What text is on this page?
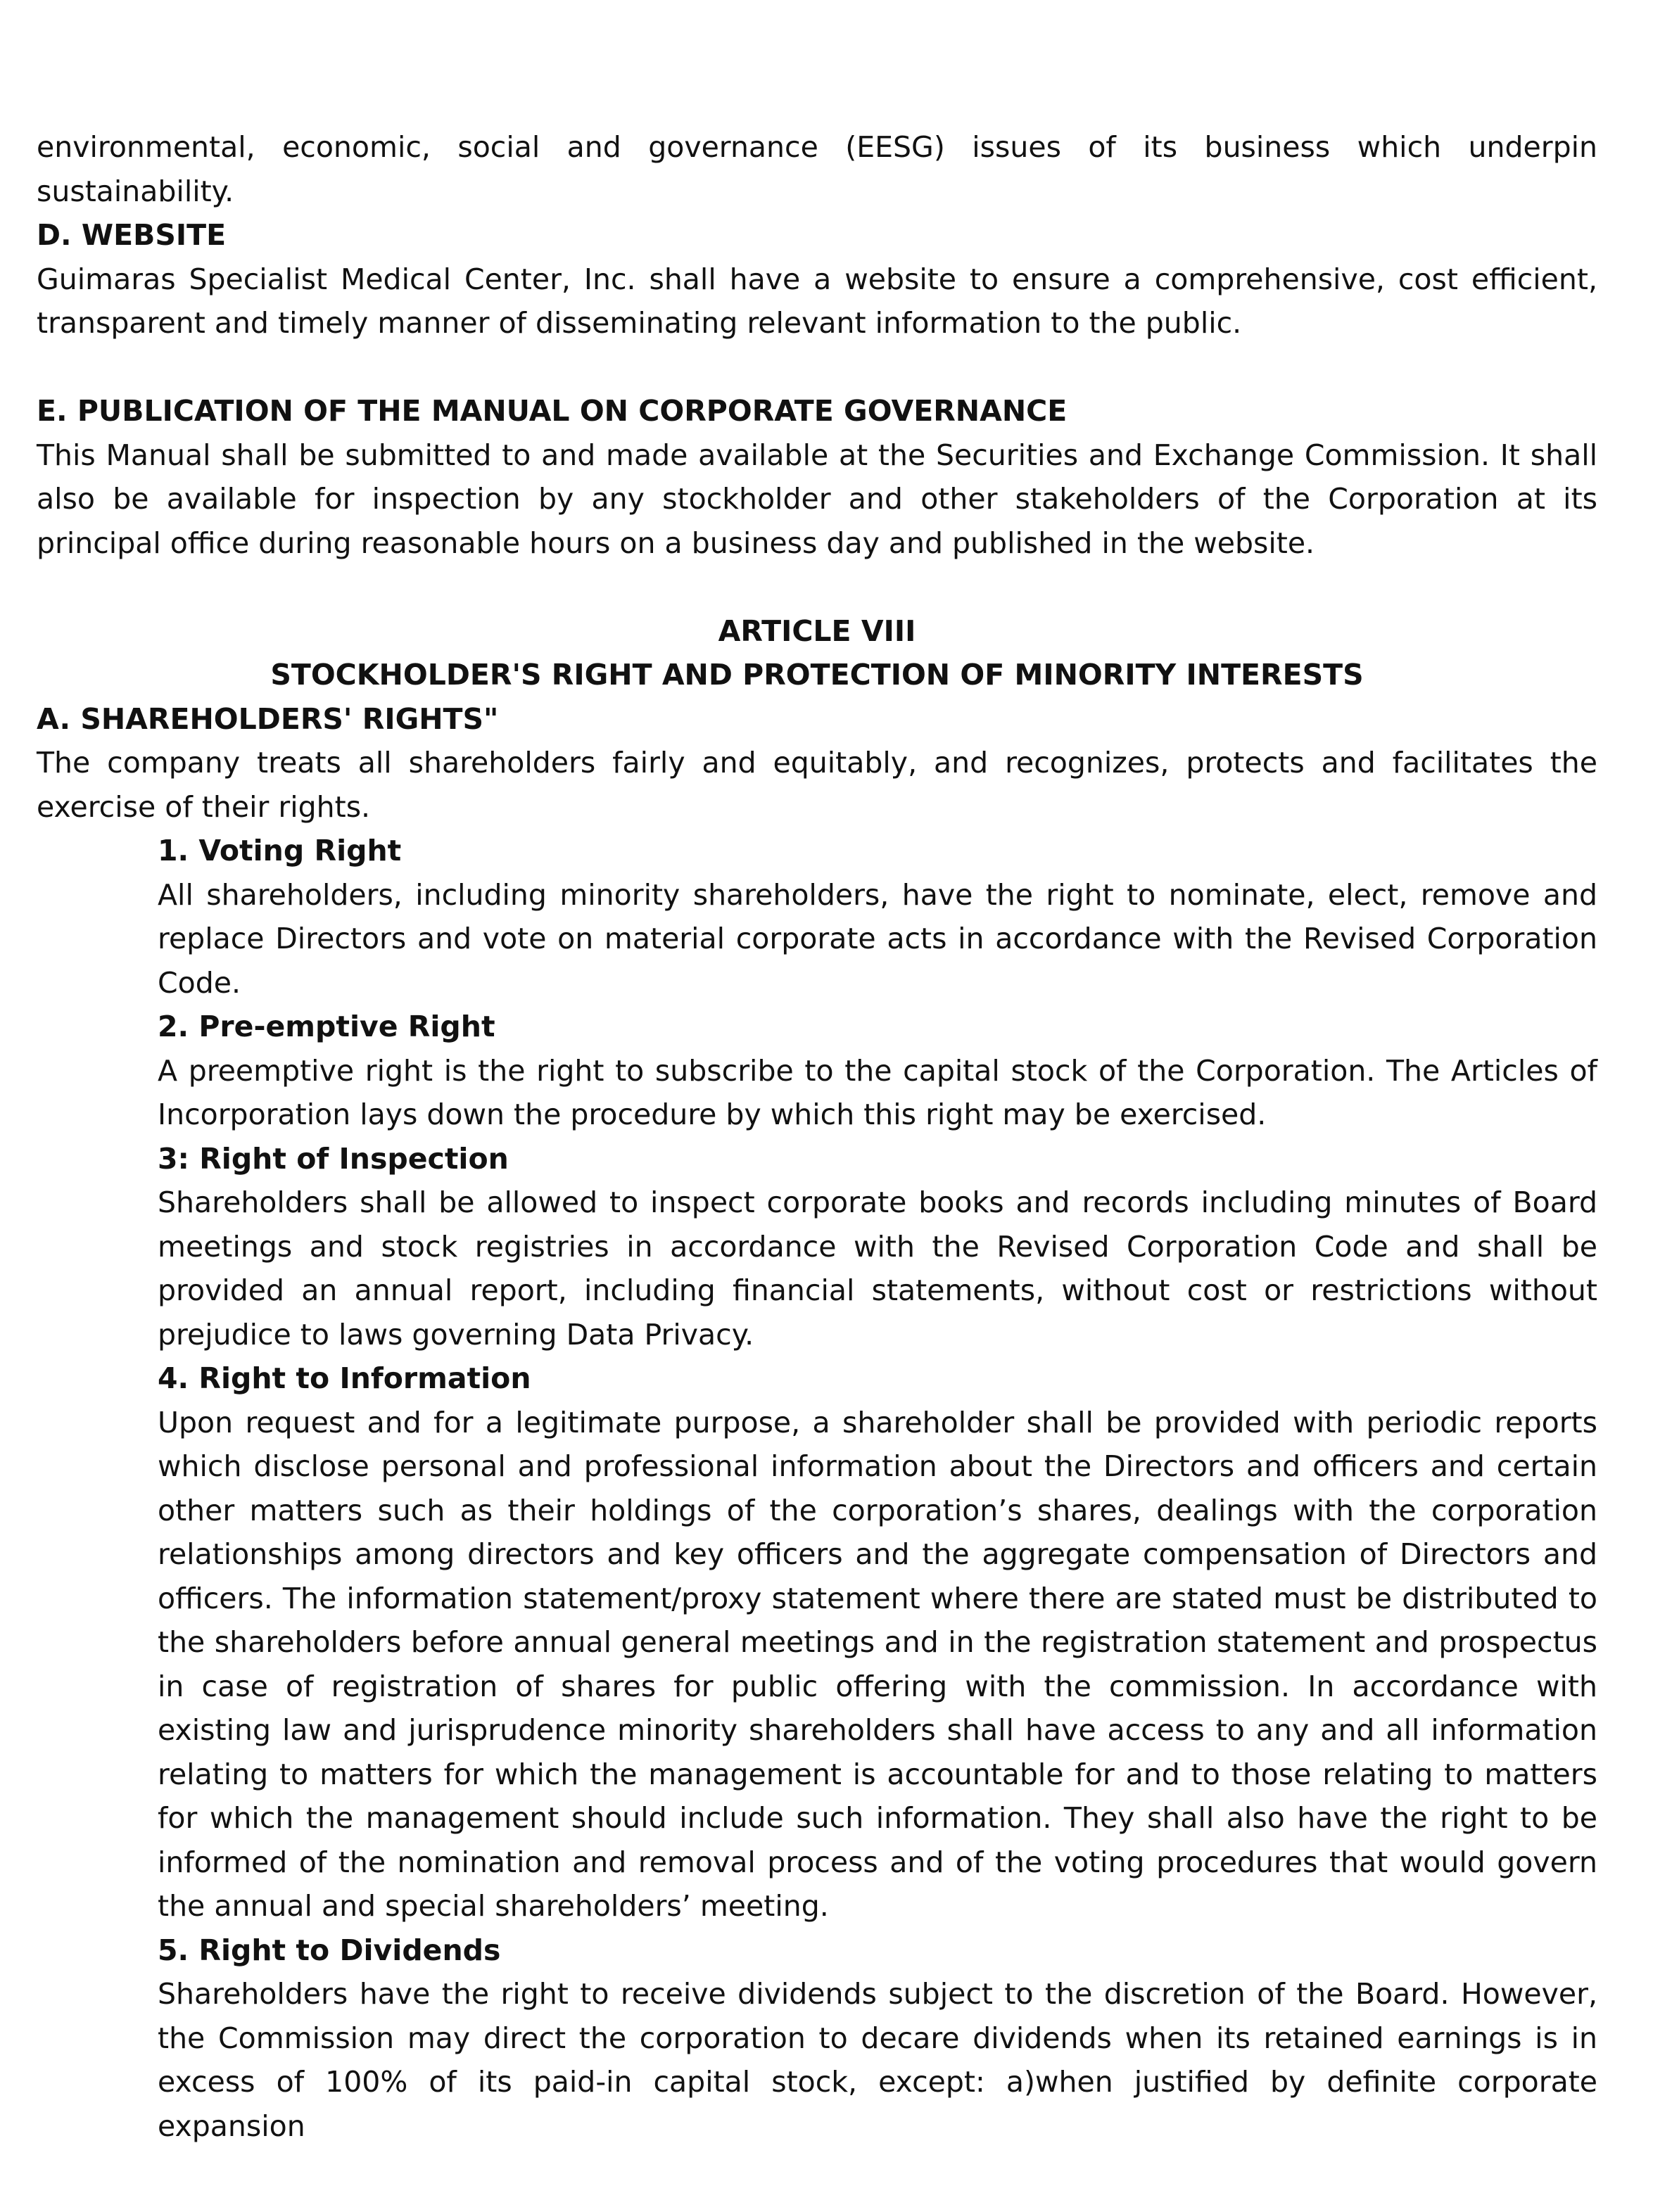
environmental, economic, social and governance (EESG) issues of its business which underpin sustainability.

D. WEBSITE

Guimaras Specialist Medical Center, Inc. shall have a website to ensure a comprehensive, cost efficient, transparent and timely manner of disseminating relevant information to the public.

E. PUBLICATION OF THE MANUAL ON CORPORATE GOVERNANCE

This Manual shall be submitted to and made available at the Securities and Exchange Commission. It shall also be available for inspection by any stockholder and other stakeholders of the Corporation at its principal office during reasonable hours on a business day and published in the website.

ARTICLE VIII
STOCKHOLDER'S RIGHT AND PROTECTION OF MINORITY INTERESTS
A. SHAREHOLDERS' RIGHTS"

The company treats all shareholders fairly and equitably, and recognizes, protects and facilitates the exercise of their rights.

1. Voting Right

All shareholders, including minority shareholders, have the right to nominate, elect, remove and replace Directors and vote on material corporate acts in accordance with the Revised Corporation Code.

2. Pre-emptive Right

A preemptive right is the right to subscribe to the capital stock of the Corporation. The Articles of Incorporation lays down the procedure by which this right may be exercised.

3: Right of Inspection

Shareholders shall be allowed to inspect corporate books and records including minutes of Board meetings and stock registries in accordance with the Revised Corporation Code and shall be provided an annual report, including financial statements, without cost or restrictions without prejudice to laws governing Data Privacy.

4. Right to Information

Upon request and for a legitimate purpose, a shareholder shall be provided with periodic reports which disclose personal and professional information about the Directors and officers and certain other matters such as their holdings of the corporation’s shares, dealings with the corporation relationships among directors and key officers and the aggregate compensation of Directors and officers. The information statement/proxy statement where there are stated must be distributed to the shareholders before annual general meetings and in the registration statement and prospectus in case of registration of shares for public offering with the commission. In accordance with existing law and jurisprudence minority shareholders shall have access to any and all information relating to matters for which the management is accountable for and to those relating to matters for which the management should include such information. They shall also have the right to be informed of the nomination and removal process and of the voting procedures that would govern the annual and special shareholders’ meeting.

5. Right to Dividends

Shareholders have the right to receive dividends subject to the discretion of the Board. However, the Commission may direct the corporation to decare dividends when its retained earnings is in excess of 100% of its paid-in capital stock, except: a)when justified by definite corporate expansion
